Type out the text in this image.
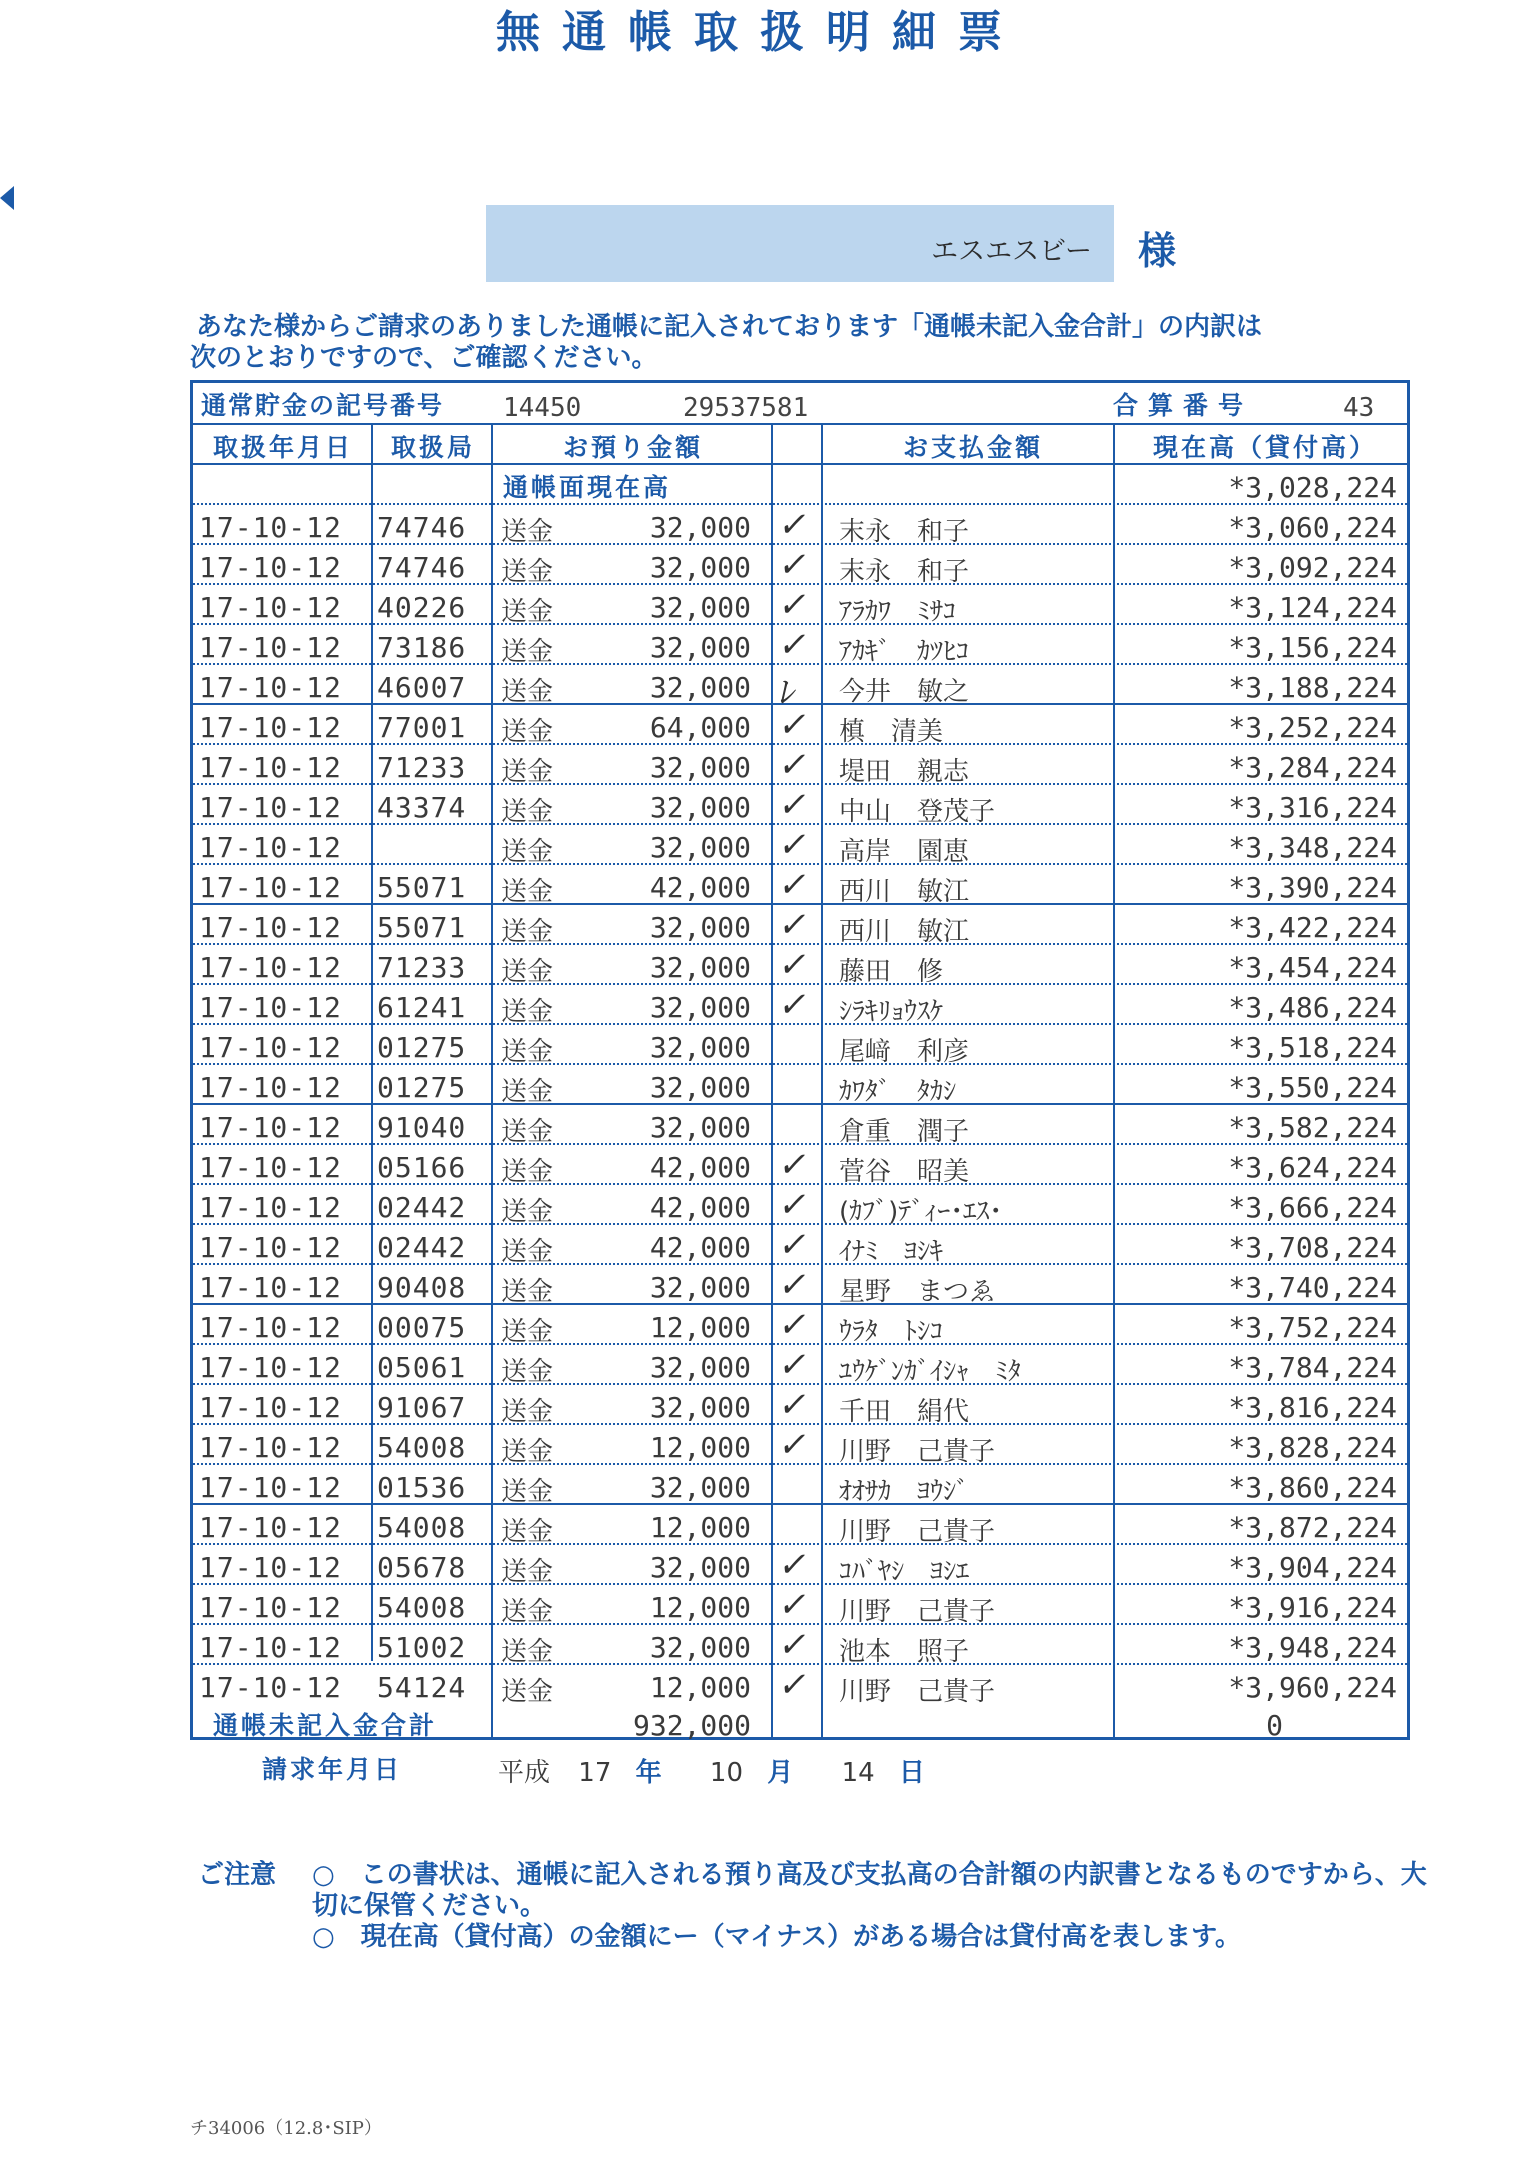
無通帳取扱明細票
エスエスビー 様
あなた様からご請求のありました通帳に記入されております「通帳未記入金合計」の内訳は
次のとおりですので、ご確認ください。
通常貯金の記号番号 14450	29537581	合算番号	43
取扱年月日	取扱局	お預り金額	お支払金額	現在高（貸付高）
通帳面現在高	*3,028,224
17-10-12 74746 送金	32,000 ✓ 末永　和子	*3,060,224
17-10-12 74746 送金	32,000 ✓ 末永　和子	*3,092,224
17-10-12 40226 送金	32,000 ✓ ｱﾗｶﾜ　ﾐｻｺ	*3,124,224
17-10-12 73186 送金	32,000 ✓ ｱｶｷﾞ　ｶﾂﾋｺ	*3,156,224
17-10-12 46007 送金	32,000 ﾚ 今井　敏之	*3,188,224
17-10-12 77001 送金	64,000 ✓ 槙　清美	*3,252,224
17-10-12 71233 送金	32,000 ✓ 堤田　親志	*3,284,224
17-10-12 43374 送金	32,000 ✓ 中山　登茂子	*3,316,224
17-10-12	送金	32,000 ✓ 高岸　園恵	*3,348,224
17-10-12 55071 送金	42,000 ✓ 西川　敏江	*3,390,224
17-10-12 55071 送金	32,000 ✓ 西川　敏江	*3,422,224
17-10-12 71233 送金	32,000 ✓ 藤田　修	*3,454,224
17-10-12 61241 送金	32,000 ✓ ｼﾗｷﾘｮｳｽｹ	*3,486,224
17-10-12 01275 送金	32,000	尾﨑　利彦	*3,518,224
17-10-12 01275 送金	32,000	ｶﾜﾀﾞ　ﾀｶｼ	*3,550,224
17-10-12 91040 送金	32,000	倉重　潤子	*3,582,224
17-10-12 05166 送金	42,000 ✓ 菅谷　昭美	*3,624,224
17-10-12 02442 送金	42,000 ✓ (ｶﾌﾞ)ﾃﾞｨｰ･ｴｽ･	*3,666,224
17-10-12 02442 送金	42,000 ✓ ｲﾅﾐ　ﾖｼｷ	*3,708,224
17-10-12 90408 送金	32,000 ✓ 星野　まつゑ	*3,740,224
17-10-12 00075 送金	12,000 ✓ ｳﾗﾀ　ﾄｼｺ	*3,752,224
17-10-12 05061 送金	32,000 ✓ ﾕｳｹﾞﾝｶﾞｲｼｬ　ﾐﾀ	*3,784,224
17-10-12 91067 送金	32,000 ✓ 千田　絹代	*3,816,224
17-10-12 54008 送金	12,000 ✓ 川野　己貴子	*3,828,224
17-10-12 01536 送金	32,000	ｵｵｻｶ　ﾖｳｼﾞ	*3,860,224
17-10-12 54008 送金	12,000	川野　己貴子	*3,872,224
17-10-12 05678 送金	32,000 ✓ ｺﾊﾞﾔｼ　ﾖｼｴ	*3,904,224
17-10-12 54008 送金	12,000 ✓ 川野　己貴子	*3,916,224
17-10-12 51002 送金	32,000 ✓ 池本　照子	*3,948,224
17-10-12 54124 送金	12,000 ✓ 川野　己貴子	*3,960,224
通帳未記入金合計	932,000	0
請求年月日	平成 17 年 10 月 14 日
ご注意 ○　この書状は、通帳に記入される預り高及び支払高の合計額の内訳書となるものですから、大切に保管ください。
○　現在高（貸付高）の金額にー（マイナス）がある場合は貸付高を表します。
チ34006（12.8･SIP）
